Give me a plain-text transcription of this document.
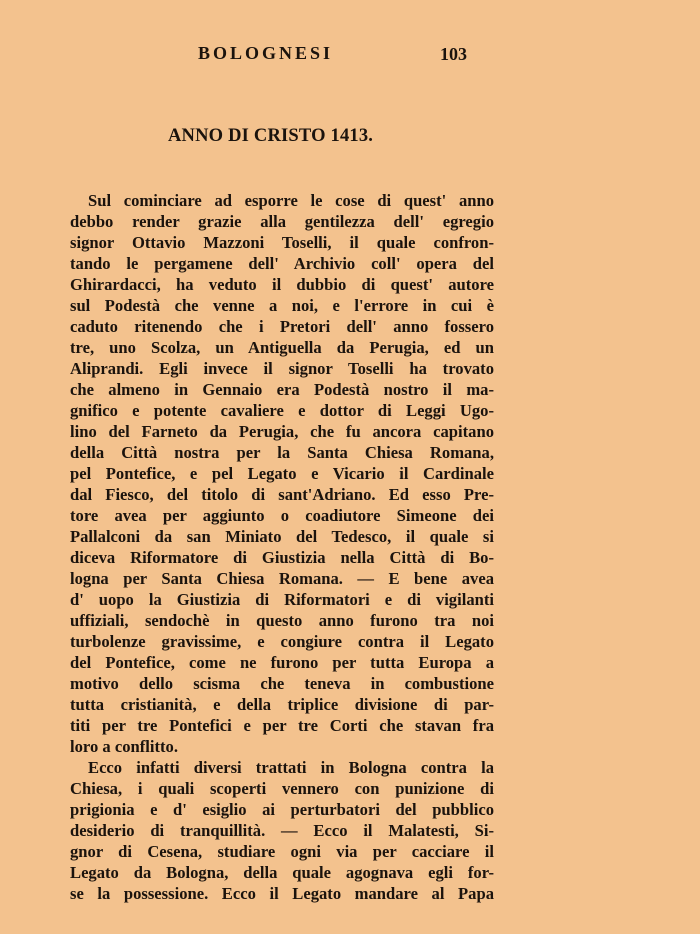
BOLOGNESI	103
ANNO DI CRISTO 1413.
Sul cominciare ad esporre le cose di quest' anno
debbo render grazie alla gentilezza dell' egregio
signor Ottavio Mazzoni Toselli, il quale confron-
tando le pergamene dell' Archivio coll' opera del
Ghirardacci, ha veduto il dubbio di quest' autore
sul Podestà che venne a noi, e l'errore in cui è
caduto ritenendo che i Pretori dell' anno fossero
tre, uno Scolza, un Antiguella da Perugia, ed un
Aliprandi. Egli invece il signor Toselli ha trovato
che almeno in Gennaio era Podestà nostro il ma-
gnifico e potente cavaliere e dottor di Leggi Ugo-
lino del Farneto da Perugia, che fu ancora capitano
della Città nostra per la Santa Chiesa Romana,
pel Pontefice, e pel Legato e Vicario il Cardinale
dal Fiesco, del titolo di sant'Adriano. Ed esso Pre-
tore avea per aggiunto o coadiutore Simeone dei
Pallalconi da san Miniato del Tedesco, il quale si
diceva Riformatore di Giustizia nella Città di Bo-
logna per Santa Chiesa Romana. — E bene avea
d' uopo la Giustizia di Riformatori e di vigilanti
uffiziali, sendochè in questo anno furono tra noi
turbolenze gravissime, e congiure contra il Legato
del Pontefice, come ne furono per tutta Europa a
motivo dello scisma che teneva in combustione
tutta cristianità, e della triplice divisione di par-
titi per tre Pontefici e per tre Corti che stavan fra
loro a conflitto.
Ecco infatti diversi trattati in Bologna contra la
Chiesa, i quali scoperti vennero con punizione di
prigionia e d' esiglio ai perturbatori del pubblico
desiderio di tranquillità. — Ecco il Malatesti, Si-
gnor di Cesena, studiare ogni via per cacciare il
Legato da Bologna, della quale agognava egli for-
se la possessione. Ecco il Legato mandare al Papa
